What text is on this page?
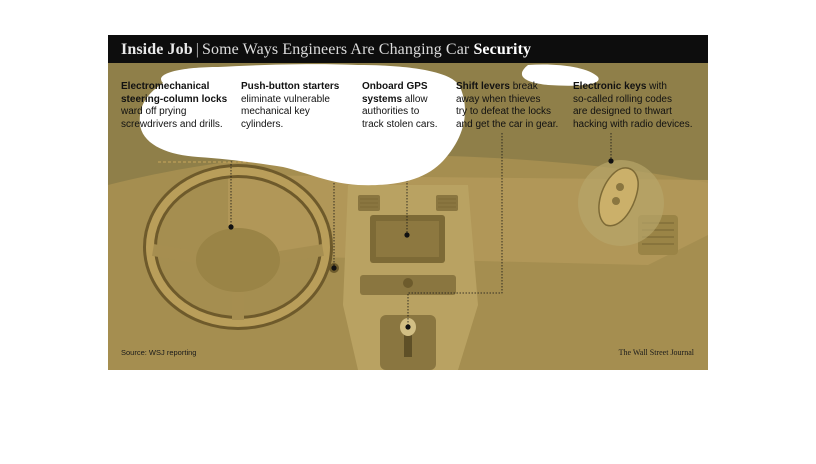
Inside Job | Some Ways Engineers Are Changing Car Security
Electromechanical
steering-column locks
ward off prying
screwdrivers and drills.
Push-button starters
eliminate vulnerable
mechanical key
cylinders.
Onboard GPS
systems allow
authorities to
track stolen cars.
Shift levers break
away when thieves
try to defeat the locks
and get the car in gear.
Electronic keys with
so-called rolling codes
are designed to thwart
hacking with radio devices.
Source: WSJ reporting	The Wall Street Journal
